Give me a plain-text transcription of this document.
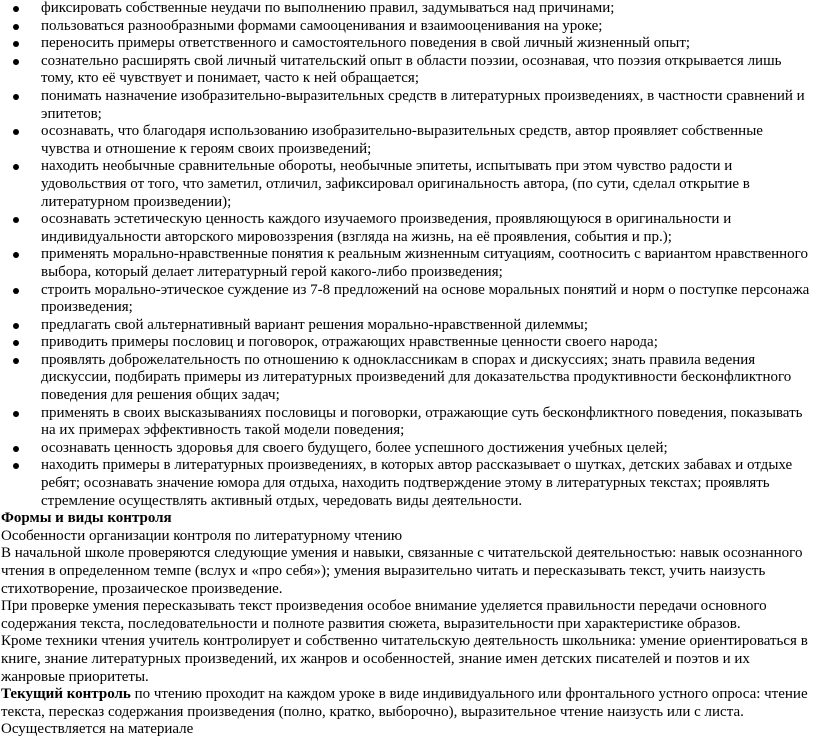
фиксировать собственные неудачи по выполнению правил, задумываться над причинами;
пользоваться разнообразными формами самооценивания и взаимооценивания на уроке;
переносить примеры ответственного и самостоятельного поведения в свой личный жизненный опыт;
сознательно расширять свой личный читательский опыт в области поэзии, осознавая, что поэзия открывается лишь тому, кто её чувствует и понимает, часто к ней обращается;
понимать назначение изобразительно-выразительных средств в литературных произведениях, в частности сравнений и эпитетов;
осознавать, что благодаря использованию изобразительно-выразительных средств, автор проявляет собственные чувства и отношение к героям своих произведений;
находить необычные сравнительные обороты, необычные эпитеты, испытывать при этом чувство радости и удовольствия от того, что заметил, отличил, зафиксировал оригинальность автора, (по сути, сделал открытие в литературном произведении);
осознавать эстетическую ценность каждого изучаемого произведения, проявляющуюся в оригинальности и индивидуальности авторского мировоззрения (взгляда на жизнь, на её проявления, события и пр.);
применять морально-нравственные понятия к реальным жизненным ситуациям, соотносить с вариантом нравственного выбора, который делает литературный герой какого-либо произведения;
строить морально-этическое суждение из 7-8 предложений на основе моральных понятий и норм о поступке персонажа произведения;
предлагать свой альтернативный вариант решения морально-нравственной дилеммы;
приводить примеры пословиц и поговорок, отражающих нравственные ценности своего народа;
проявлять доброжелательность по отношению к одноклассникам в спорах и дискуссиях; знать правила ведения дискуссии, подбирать примеры из литературных произведений для доказательства продуктивности бесконфликтного поведения для решения общих задач;
применять в своих высказываниях пословицы и поговорки, отражающие суть бесконфликтного поведения, показывать на их примерах эффективность такой модели поведения;
осознавать ценность здоровья для своего будущего, более успешного достижения учебных целей;
находить примеры в литературных произведениях, в которых автор рассказывает о шутках, детских забавах и отдыхе ребят; осознавать значение юмора для отдыха, находить подтверждение этому в литературных текстах; проявлять стремление осуществлять активный отдых, чередовать виды деятельности.

Формы и виды контроля

Особенности организации контроля по литературному чтению

В начальной школе проверяются следующие умения и навыки, связанные с читательской деятельностью: навык осознанного чтения в определенном темпе (вслух и «про себя»); умения выразительно читать и пересказывать текст, учить наизусть стихотворение, прозаическое произведение.

При проверке умения пересказывать текст произведения особое внимание уделяется правильности передачи основного содержания текста, последовательности и полноте развития сюжета, выразительности при характеристике образов.

Кроме техники чтения учитель контролирует и собственно читательскую деятельность школьника: умение ориентироваться в книге, знание литературных произведений, их жанров и особенностей, знание имен детских писателей и поэтов и их жанровые приоритеты.

Текущий контроль по чтению проходит на каждом уроке в виде индивидуального или фронтального устного опроса: чтение текста, пересказ содержания произведения (полно, кратко, выборочно), выразительное чтение наизусть или с листа. Осуществляется на материале
